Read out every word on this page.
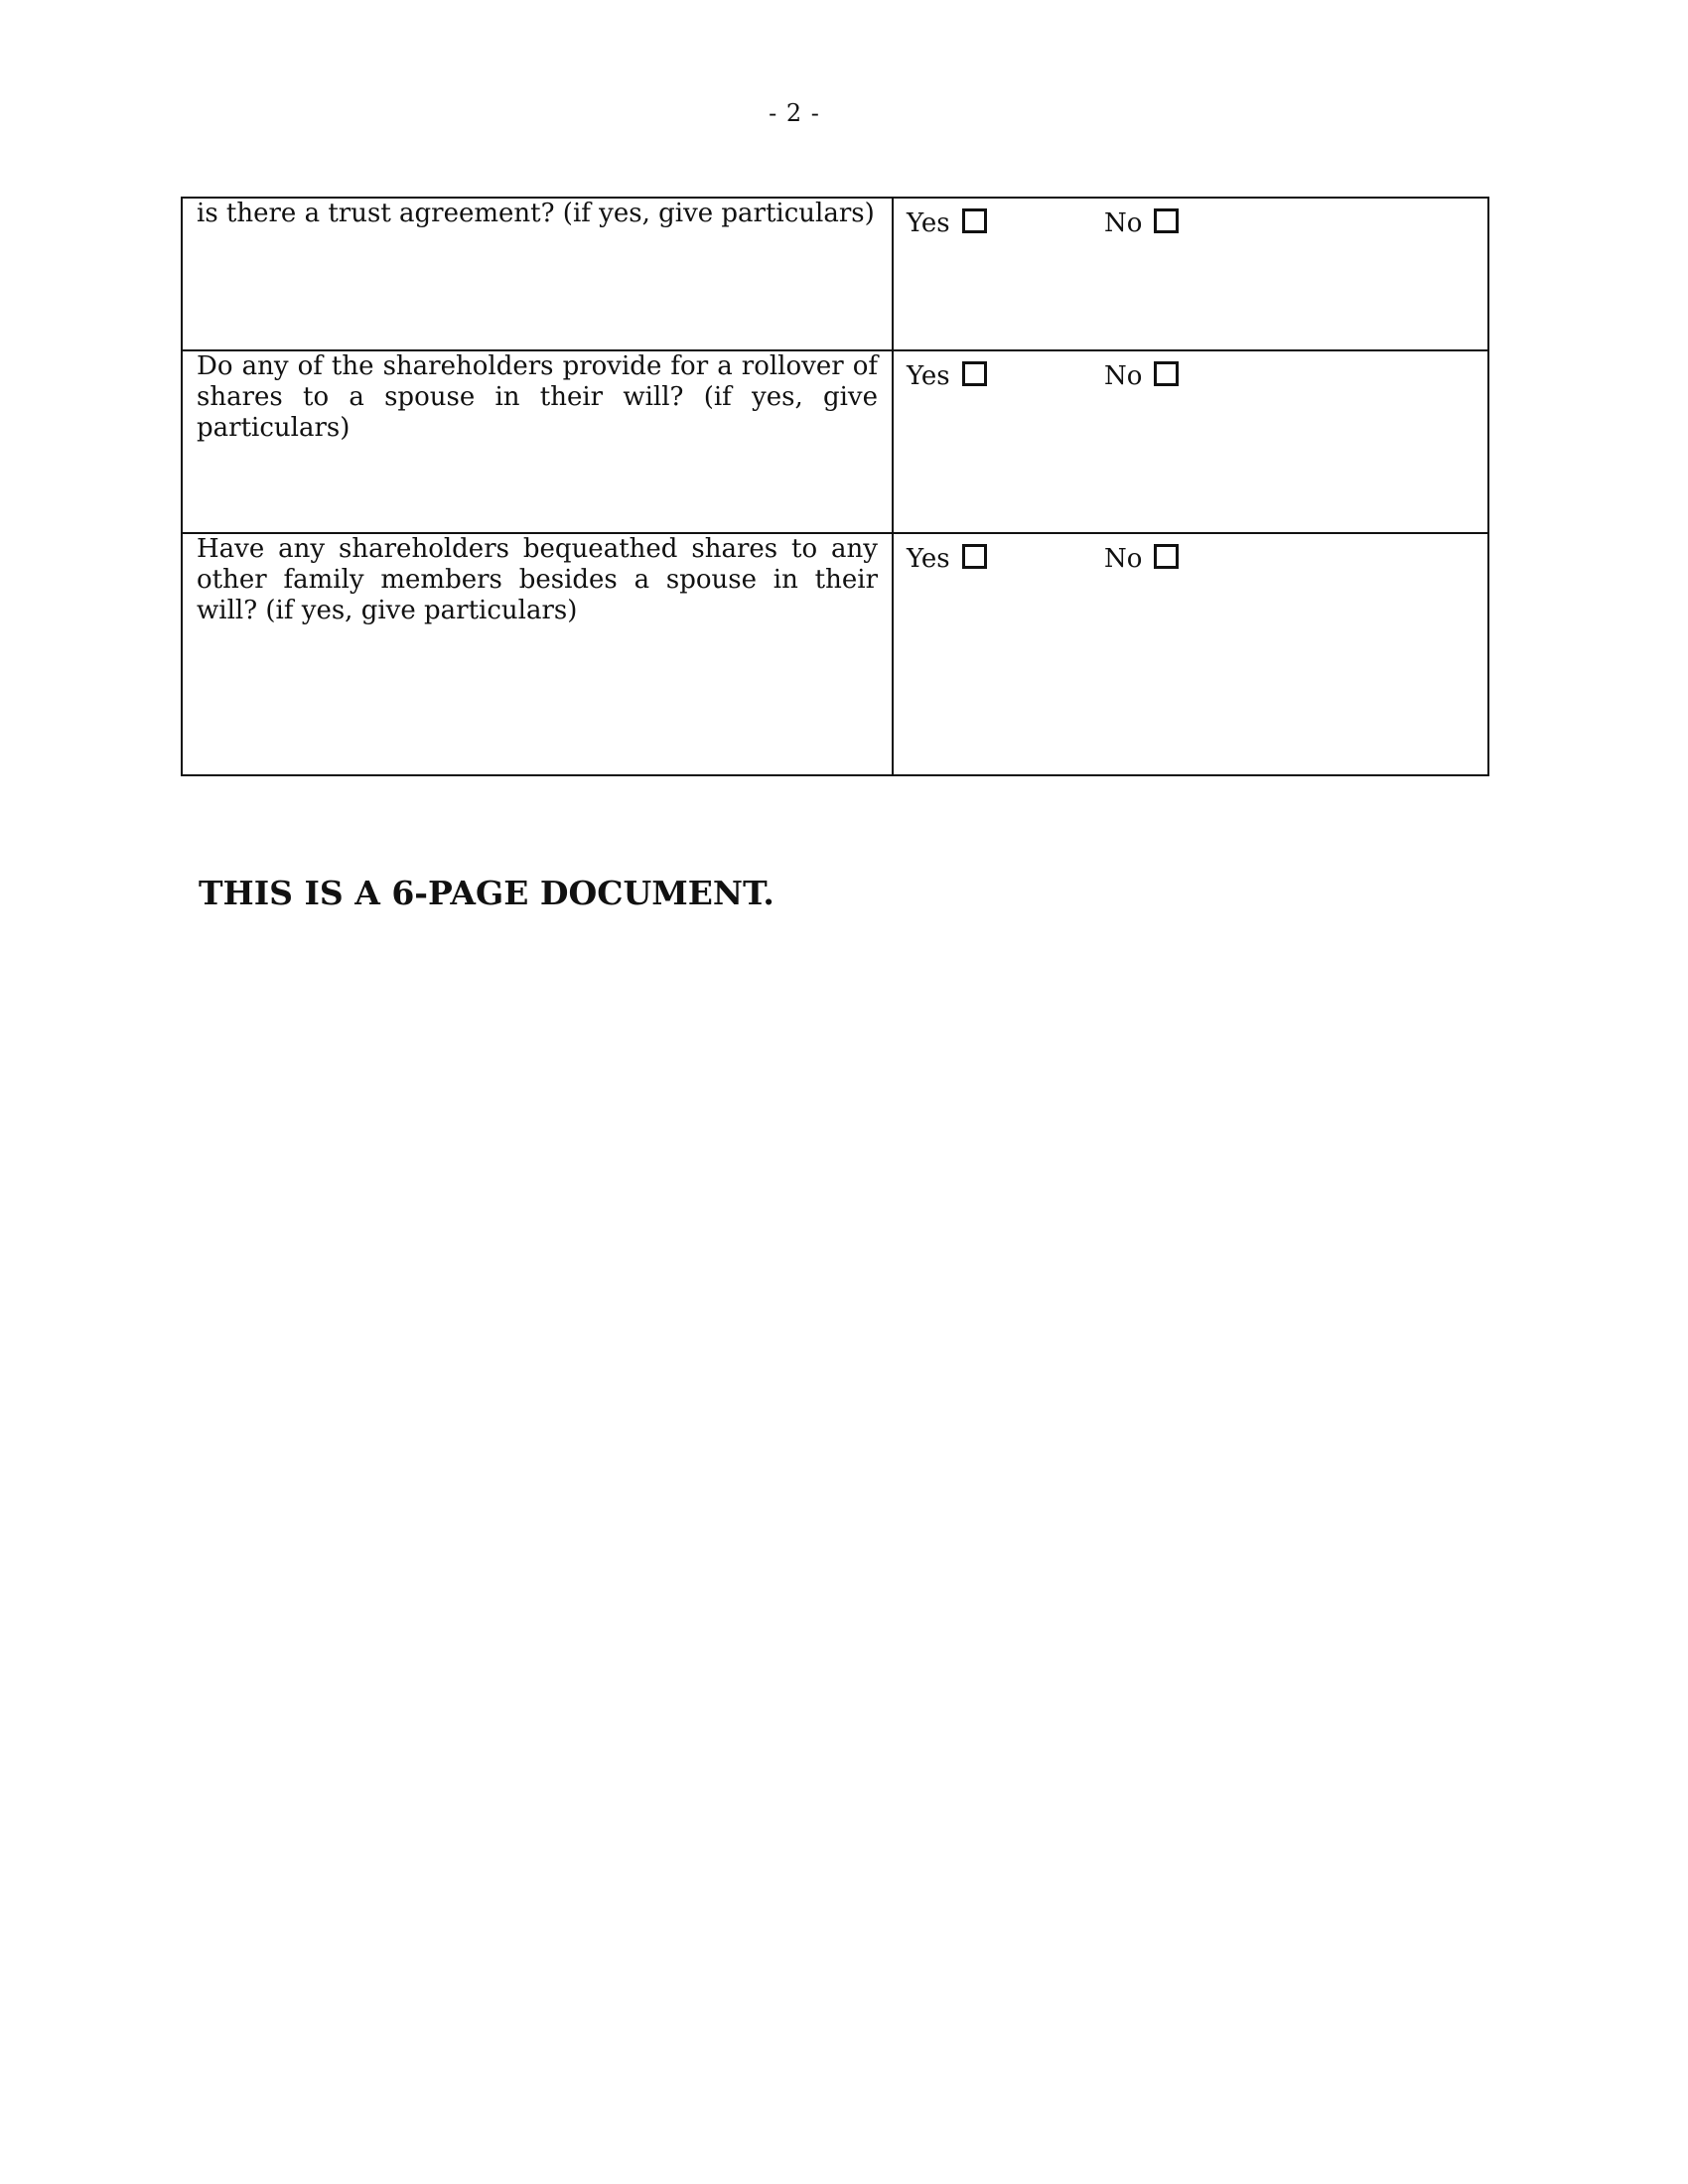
- 2 -
is there a trust agreement? (if yes, give particulars)	Yes No

Do any of the shareholders provide for a rollover of shares to a spouse in their will? (if yes, give particulars)	Yes No

Have any shareholders bequeathed shares to any other family members besides a spouse in their will? (if yes, give particulars)	Yes No
THIS IS A 6-PAGE DOCUMENT.
